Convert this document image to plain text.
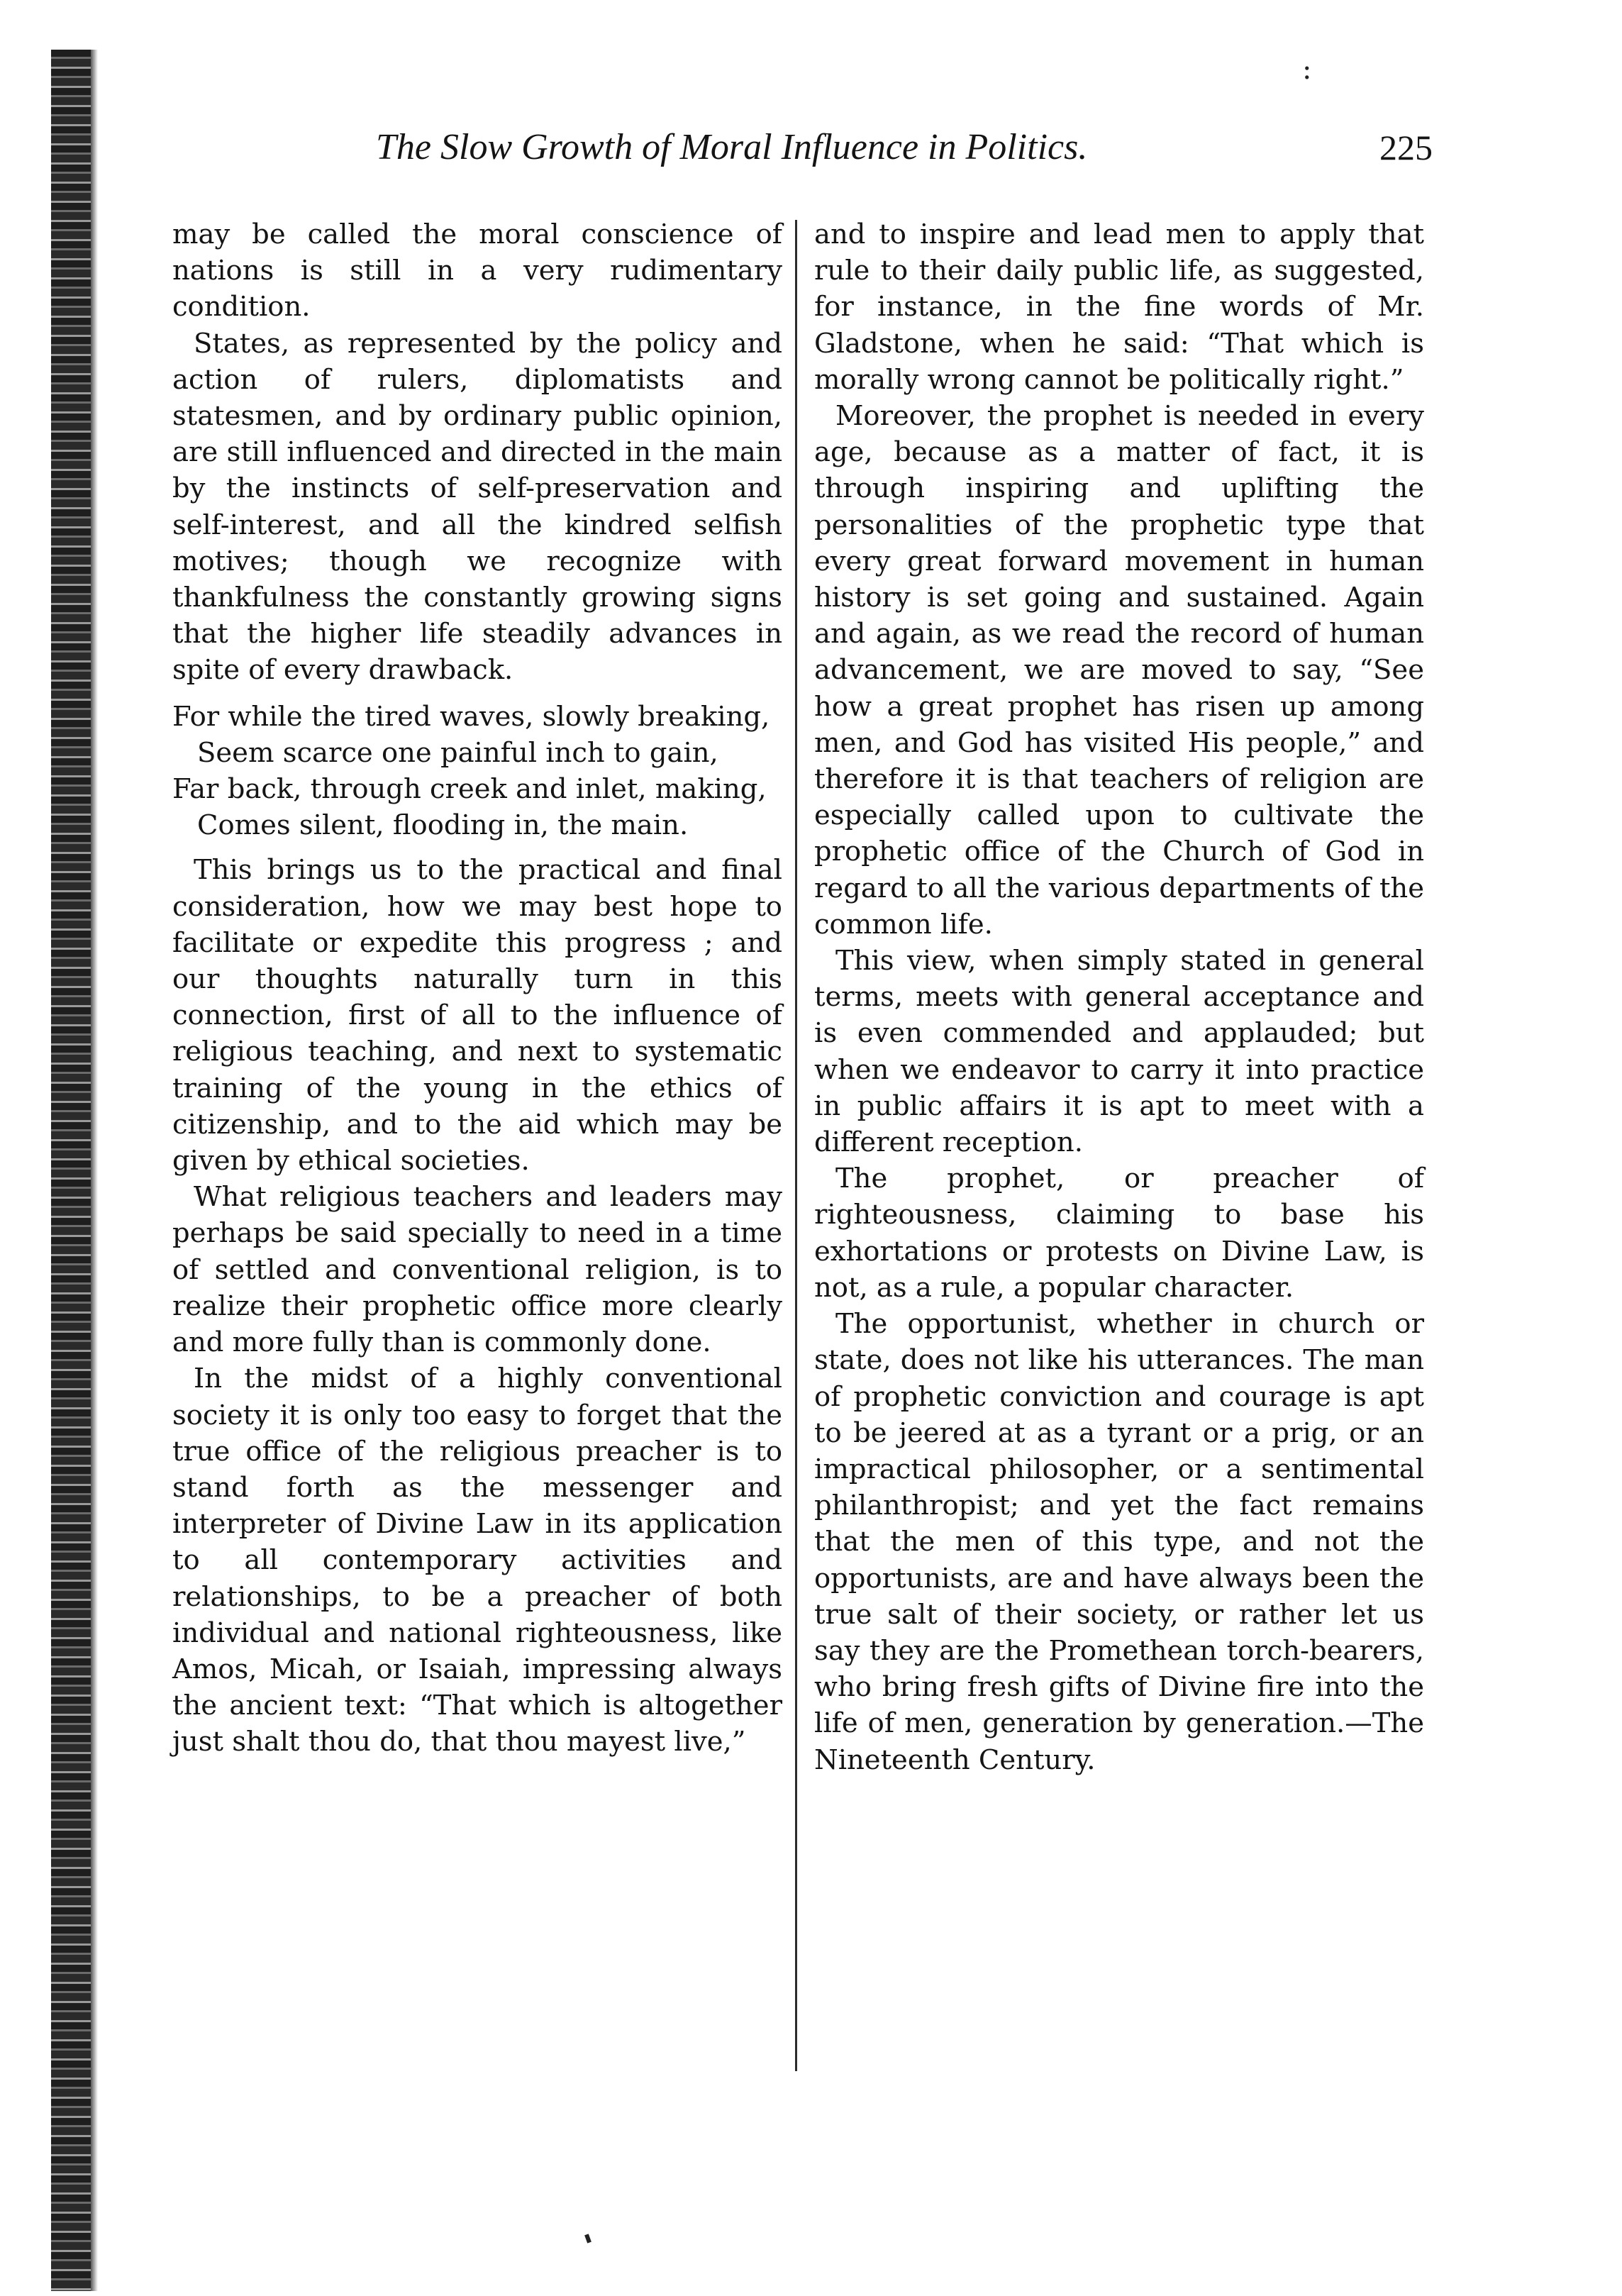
:
The Slow Growth of Moral Influence in Politics.	225

may be called the moral conscience of nations is still in a very rudimentary condition.

States, as represented by the policy and action of rulers, diplomatists and statesmen, and by ordinary public opinion, are still influenced and directed in the main by the instincts of self-preservation and self-interest, and all the kindred selfish motives; though we recognize with thankfulness the constantly growing signs that the higher life steadily advances in spite of every drawback.

For while the tired waves, slowly breaking,

Seem scarce one painful inch to gain,

Far back, through creek and inlet, making,

Comes silent, flooding in, the main.

This brings us to the practical and final consideration, how we may best hope to facilitate or expedite this progress ; and our thoughts naturally turn in this connection, first of all to the influence of religious teaching, and next to systematic training of the young in the ethics of citizenship, and to the aid which may be given by ethical societies.

What religious teachers and leaders may perhaps be said specially to need in a time of settled and conventional religion, is to realize their prophetic office more clearly and more fully than is commonly done.

In the midst of a highly conventional society it is only too easy to forget that the true office of the religious preacher is to stand forth as the messenger and interpreter of Divine Law in its application to all contemporary activities and relationships, to be a preacher of both individual and national righteousness, like Amos, Micah, or Isaiah, impressing always the ancient text: “That which is altogether just shalt thou do, that thou mayest live,”

and to inspire and lead men to apply that rule to their daily public life, as suggested, for instance, in the fine words of Mr. Gladstone, when he said: “That which is morally wrong cannot be politically right.”

Moreover, the prophet is needed in every age, because as a matter of fact, it is through inspiring and uplifting the personalities of the prophetic type that every great forward movement in human history is set going and sustained. Again and again, as we read the record of human advancement, we are moved to say, “See how a great prophet has risen up among men, and God has visited His people,” and therefore it is that teachers of religion are especially called upon to cultivate the prophetic office of the Church of God in regard to all the various departments of the common life.

This view, when simply stated in general terms, meets with general acceptance and is even commended and applauded; but when we endeavor to carry it into practice in public affairs it is apt to meet with a different reception.

The prophet, or preacher of righteousness, claiming to base his exhortations or protests on Divine Law, is not, as a rule, a popular character.

The opportunist, whether in church or state, does not like his utterances. The man of prophetic conviction and courage is apt to be jeered at as a tyrant or a prig, or an impractical philosopher, or a sentimental philanthropist; and yet the fact remains that the men of this type, and not the opportunists, are and have always been the true salt of their society, or rather let us say they are the Promethean torch-bearers, who bring fresh gifts of Divine fire into the life of men, generation by generation.—The Nineteenth Century.
